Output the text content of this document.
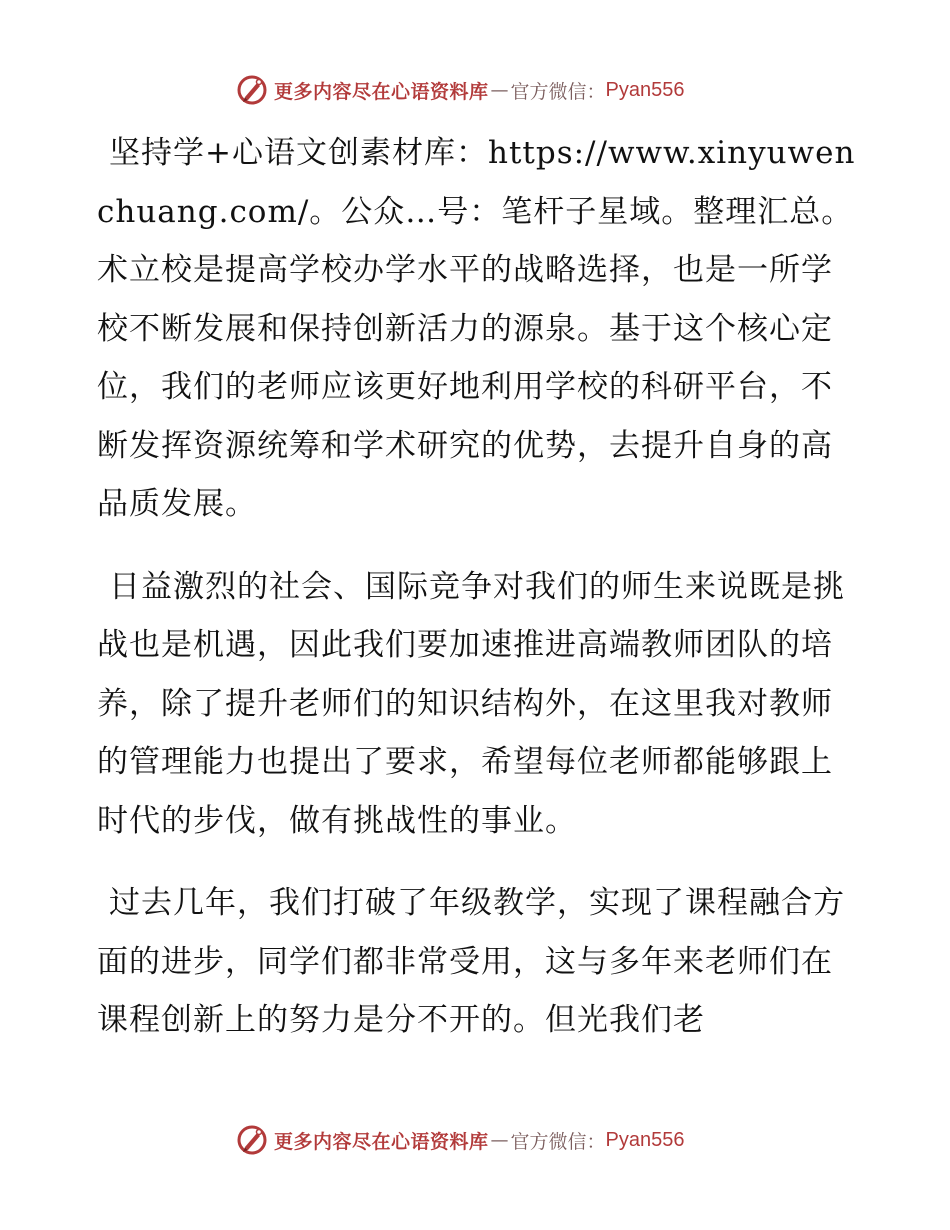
更多内容尽在心语资料库 — 官方微信： Pyan556

坚持学+心语文创素材库：https://www.xinyuwenchuang.com/。公众…号：笔杆子星域。整理汇总。术立校是提高学校办学水平的战略选择，也是一所学校不断发展和保持创新活力的源泉。基于这个核心定位，我们的老师应该更好地利用学校的科研平台，不断发挥资源统筹和学术研究的优势，去提升自身的高品质发展。

日益激烈的社会、国际竞争对我们的师生来说既是挑战也是机遇，因此我们要加速推进高端教师团队的培养，除了提升老师们的知识结构外，在这里我对教师的管理能力也提出了要求，希望每位老师都能够跟上时代的步伐，做有挑战性的事业。

过去几年，我们打破了年级教学，实现了课程融合方面的进步，同学们都非常受用，这与多年来老师们在课程创新上的努力是分不开的。但光我们老

更多内容尽在心语资料库 — 官方微信： Pyan556
